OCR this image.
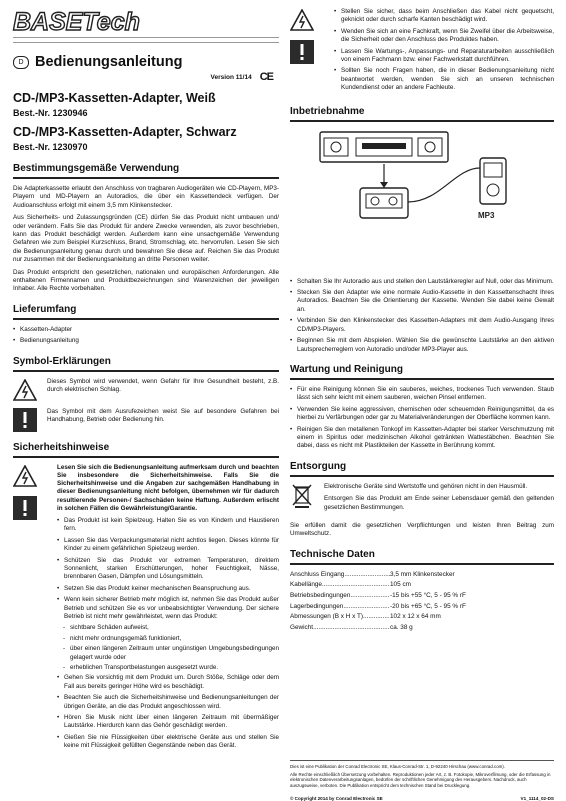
BASETech
D Bedienungsanleitung
Version 11/14 CE
CD-/MP3-Kassetten-Adapter, Weiß
Best.-Nr. 1230946
CD-/MP3-Kassetten-Adapter, Schwarz
Best.-Nr. 1230970
Bestimmungsgemäße Verwendung

Die Adapterkassette erlaubt den Anschluss von tragbaren Audiogeräten wie CD-Playern, MP3-Playern und MD-Playern an Autoradios, die über ein Kassettendeck verfügen. Der Audioanschluss erfolgt mit einem 3,5 mm Klinkenstecker.

Aus Sicherheits- und Zulassungsgründen (CE) dürfen Sie das Produkt nicht umbauen und/ oder verändern. Falls Sie das Produkt für andere Zwecke verwenden, als zuvor beschrieben, kann das Produkt beschädigt werden. Außerdem kann eine unsachgemäße Verwendung Gefahren wie zum Beispiel Kurzschluss, Brand, Stromschlag, etc. hervorrufen. Lesen Sie sich die Bedienungsanleitung genau durch und bewahren Sie diese auf. Reichen Sie das Produkt nur zusammen mit der Bedienungsanleitung an dritte Personen weiter.

Das Produkt entspricht den gesetzlichen, nationalen und europäischen Anforderungen. Alle enthaltenen Firmennamen und Produktbezeichnungen sind Warenzeichen der jeweiligen Inhaber. Alle Rechte vorbehalten.

Lieferumfang
• Kassetten-Adapter
• Bedienungsanleitung
Symbol-Erklärungen
Dieses Symbol wird verwendet, wenn Gefahr für Ihre Gesundheit besteht, z.B. durch elektrischen Schlag.
Das Symbol mit dem Ausrufezeichen weist Sie auf besondere Gefahren bei Handhabung, Betrieb oder Bedienung hin.
Sicherheitshinweise
Lesen Sie sich die Bedienungsanleitung aufmerksam durch und beachten Sie insbesondere die Sicherheitshinweise. Falls Sie die Sicherheitshinweise und die Angaben zur sachgemäßen Handhabung in dieser Bedienungsanleitung nicht befolgen, übernehmen wir für dadurch resultierende Personen-/ Sachschäden keine Haftung. Außerdem erlischt in solchen Fällen die Gewährleistung/Garantie.
• Das Produkt ist kein Spielzeug. Halten Sie es von Kindern und Haustieren fern.
• Lassen Sie das Verpackungsmaterial nicht achtlos liegen. Dieses könnte für Kinder zu einem gefährlichen Spielzeug werden.
• Schützen Sie das Produkt vor extremen Temperaturen, direktem Sonnenlicht, starken Erschütterungen, hoher Feuchtigkeit, Nässe, brennbaren Gasen, Dämpfen und Lösungsmitteln.
• Setzen Sie das Produkt keiner mechanischen Beanspruchung aus.
• Wenn kein sicherer Betrieb mehr möglich ist, nehmen Sie das Produkt außer Betrieb und schützen Sie es vor unbeabsichtigter Verwendung. Der sichere Betrieb ist nicht mehr gewährleistet, wenn das Produkt:
- sichtbare Schäden aufweist,
- nicht mehr ordnungsgemäß funktioniert,
- über einen längeren Zeitraum unter ungünstigen Umgebungsbedingungen gelagert wurde oder
- erheblichen Transportbelastungen ausgesetzt wurde.
• Gehen Sie vorsichtig mit dem Produkt um. Durch Stöße, Schläge oder dem Fall aus bereits geringer Höhe wird es beschädigt.
• Beachten Sie auch die Sicherheitshinweise und Bedienungsanleitungen der übrigen Geräte, an die das Produkt angeschlossen wird.
• Hören Sie Musik nicht über einen längeren Zeitraum mit übermäßiger Lautstärke. Hierdurch kann das Gehör geschädigt werden.
• Gießen Sie nie Flüssigkeiten über elektrische Geräte aus und stellen Sie keine mit Flüssigkeit gefüllten Gegenstände neben das Gerät.
• Stellen Sie sicher, dass beim Anschließen das Kabel nicht gequetscht, geknickt oder durch scharfe Kanten beschädigt wird.
• Wenden Sie sich an eine Fachkraft, wenn Sie Zweifel über die Arbeitsweise, die Sicherheit oder den Anschluss des Produktes haben.
• Lassen Sie Wartungs-, Anpassungs- und Reparaturarbeiten ausschließlich von einem Fachmann bzw. einer Fachwerkstatt durchführen.
• Sollten Sie noch Fragen haben, die in dieser Bedienungsanleitung nicht beantwortet werden, wenden Sie sich an unseren technischen Kundendienst oder an andere Fachleute.
Inbetriebnahme
MP3
• Schalten Sie Ihr Autoradio aus und stellen den Lautstärkeregler auf Null, oder das Minimum.
• Stecken Sie den Adapter wie eine normale Audio-Kassette in den Kassettenschacht Ihres Autoradios. Beachten Sie die Orientierung der Kassette. Wenden Sie dabei keine Gewalt an.
• Verbinden Sie den Klinkenstecker des Kassetten-Adapters mit dem Audio-Ausgang Ihres CD/MP3-Players.
• Beginnen Sie mit dem Abspielen. Wählen Sie die gewünschte Lautstärke an den aktiven Lautsprecherreglern von Autoradio und/oder MP3-Player aus.
Wartung und Reinigung
• Für eine Reinigung können Sie ein sauberes, weiches, trockenes Tuch verwenden. Staub lässt sich sehr leicht mit einem sauberen, weichen Pinsel entfernen.
• Verwenden Sie keine aggressiven, chemischen oder scheuernden Reinigungsmittel, da es hierbei zu Verfärbungen oder gar zu Materialveränderungen der Oberfläche kommen kann.
• Reinigen Sie den metallenen Tonkopf im Kassetten-Adapter bei starker Verschmutzung mit einem in Spiritus oder medizinischen Alkohol getränkten Wattestäbchen. Beachten Sie dabei, dass es nicht mit Plastikteilen der Kassette in Berührung kommt.
Entsorgung

Elektronische Geräte sind Wertstoffe und gehören nicht in den Hausmüll.

Entsorgen Sie das Produkt am Ende seiner Lebensdauer gemäß den geltenden gesetzlichen Bestimmungen.

Sie erfüllen damit die gesetzlichen Verpflichtungen und leisten Ihren Beitrag zum Umweltschutz.

Technische Daten
Anschluss Eingang .....	3,5 mm Klinkenstecker
Kabellänge .....	105 cm
Betriebsbedingungen .....	-15 bis +55 °C, 5 - 95 % rF
Lagerbedingungen .....	-20 bis +65 °C, 5 - 95 % rF
Abmessungen (B x H x T) .....	102 x 12 x 64 mm
Gewicht .....	ca. 38 g

Dies ist eine Publikation der Conrad Electronic SE, Klaus-Conrad-Str. 1, D-92240 Hirschau (www.conrad.com).

Alle Rechte einschließlich Übersetzung vorbehalten. Reproduktionen jeder Art, z. B. Fotokopie, Mikroverfilmung, oder die Erfassung in elektronischen Datenverarbeitungsanlagen, bedürfen der schriftlichen Genehmigung des Herausgebers. Nachdruck, auch auszugsweise, verboten. Die Publikation entspricht dem technischen Stand bei Drucklegung.

© Copyright 2014 by Conrad Electronic SE	V1_1114_02-DS
